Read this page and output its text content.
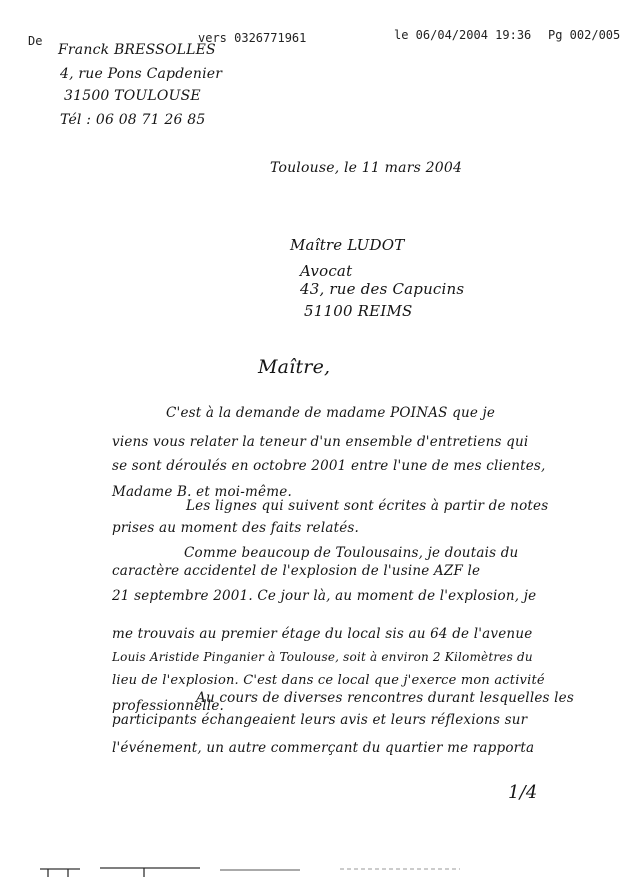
De	vers 0326771961	le 06/04/2004 19:36 Pg 002/005
Franck BRESSOLLES
4, rue Pons Capdenier
31500 TOULOUSE
Tél : 06 08 71 26 85
Toulouse, le 11 mars 2004
Maître LUDOT
Avocat
43, rue des Capucins
51100 REIMS
Maître,
C'est à la demande de madame POINAS que je
viens vous relater la teneur d'un ensemble d'entretiens qui
se sont déroulés en octobre 2001 entre l'une de mes clientes,
Madame B. et moi-même.
Les lignes qui suivent sont écrites à partir de notes
prises au moment des faits relatés.
Comme beaucoup de Toulousains, je doutais du
caractère accidentel de l'explosion de l'usine AZF le
21 septembre 2001. Ce jour là, au moment de l'explosion, je
me trouvais au premier étage du local sis au 64 de l'avenue
Louis Aristide Pinganier à Toulouse, soit à environ 2 Kilomètres du
lieu de l'explosion. C'est dans ce local que j'exerce mon activité
professionnelle.
Au cours de diverses rencontres durant lesquelles les
participants échangeaient leurs avis et leurs réflexions sur
l'événement, un autre commerçant du quartier me rapporta
1/4
